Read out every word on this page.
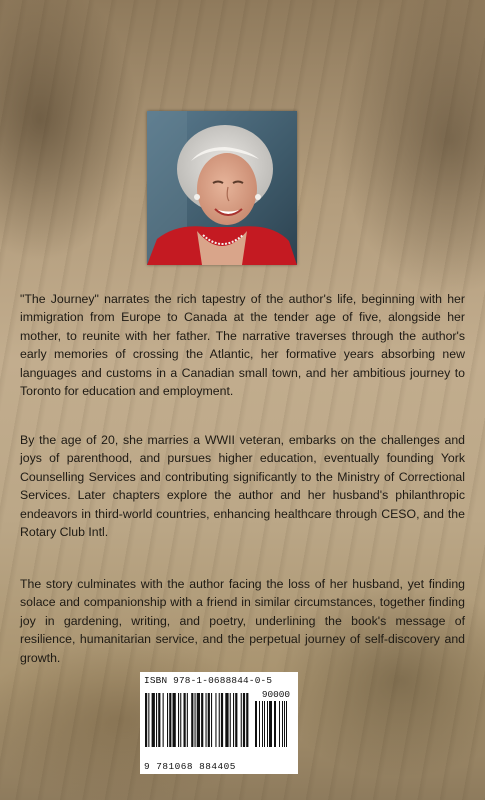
"The Journey" narrates the rich tapestry of the author's life, beginning with her immigration from Europe to Canada at the tender age of five, alongside her mother, to reunite with her father. The narrative traverses through the author's early memories of crossing the Atlantic, her formative years absorbing new languages and customs in a Canadian small town, and her ambitious journey to Toronto for education and employment.

By the age of 20, she marries a WWII veteran, embarks on the challenges and joys of parenthood, and pursues higher education, eventually founding York Counselling Services and contributing significantly to the Ministry of Correctional Services. Later chapters explore the author and her husband's philanthropic endeavors in third-world countries, enhancing healthcare through CESO, and the Rotary Club Intl.

The story culminates with the author facing the loss of her husband, yet finding solace and companionship with a friend in similar circumstances, together finding joy in gardening, writing, and poetry, underlining the book's message of resilience, humanitarian service, and the perpetual journey of self-discovery and growth.

ISBN 978-1-0688844-0-5
90000
9 781068 884405
